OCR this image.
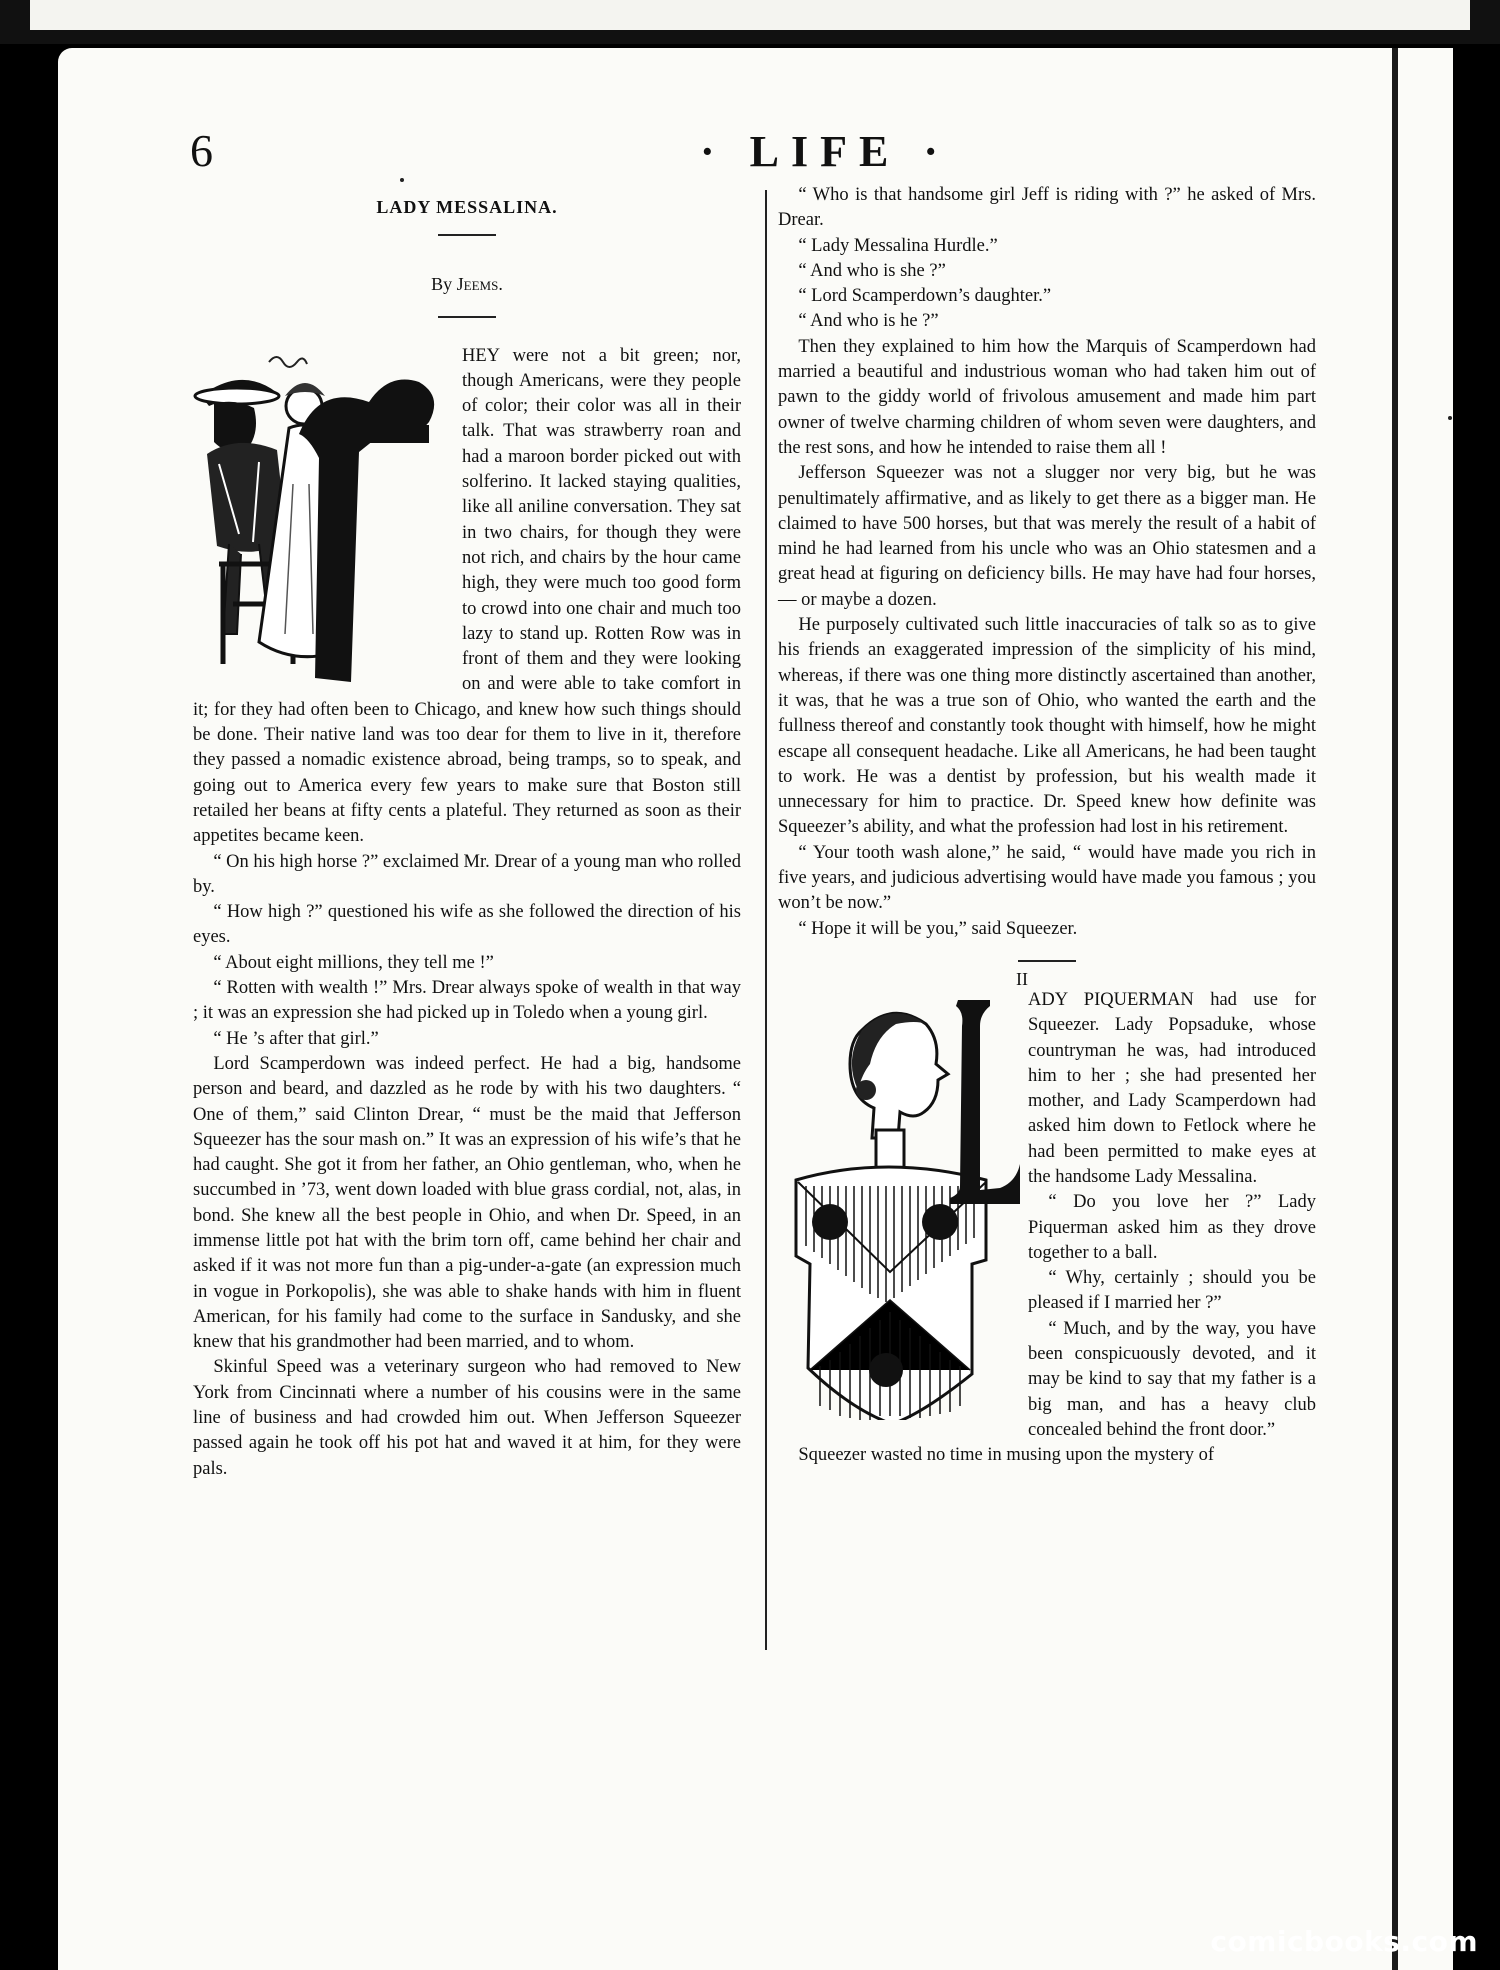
6	· LIFE ·

LADY MESSALINA.

By Jeems.

HEY were not a bit green; nor, though Americans, were they people of color; their color was all in their talk. That was strawberry roan and had a maroon border picked out with solferino. It lacked staying qualities, like all aniline conversation. They sat in two chairs, for though they were not rich, and chairs by the hour came high, they were much too good form to crowd into one chair and much too lazy to stand up. Rotten Row was in front of them and they were looking on and were able to take comfort in it; for they had often been to Chicago, and knew how such things should be done. Their native land was too dear for them to live in it, therefore they passed a nomadic existence abroad, being tramps, so to speak, and going out to America every few years to make sure that Boston still retailed her beans at fifty cents a plateful. They returned as soon as their appetites became keen.

“ On his high horse ?” exclaimed Mr. Drear of a young man who rolled by.

“ How high ?” questioned his wife as she followed the direction of his eyes.

“ About eight millions, they tell me !”

“ Rotten with wealth !” Mrs. Drear always spoke of wealth in that way ; it was an expression she had picked up in Toledo when a young girl.

“ He ’s after that girl.”

Lord Scamperdown was indeed perfect. He had a big, handsome person and beard, and dazzled as he rode by with his two daughters. “ One of them,” said Clinton Drear, “ must be the maid that Jefferson Squeezer has the sour mash on.” It was an expression of his wife’s that he had caught. She got it from her father, an Ohio gentleman, who, when he succumbed in ’73, went down loaded with blue grass cordial, not, alas, in bond. She knew all the best people in Ohio, and when Dr. Speed, in an immense little pot hat with the brim torn off, came behind her chair and asked if it was not more fun than a pig-under-a-gate (an expression much in vogue in Porkopolis), she was able to shake hands with him in fluent American, for his family had come to the surface in Sandusky, and she knew that his grandmother had been married, and to whom.

Skinful Speed was a veterinary surgeon who had removed to New York from Cincinnati where a number of his cousins were in the same line of business and had crowded him out. When Jefferson Squeezer passed again he took off his pot hat and waved it at him, for they were pals.

“ Who is that handsome girl Jeff is riding with ?” he asked of Mrs. Drear.

“ Lady Messalina Hurdle.”

“ And who is she ?”

“ Lord Scamperdown’s daughter.”

“ And who is he ?”

Then they explained to him how the Marquis of Scamperdown had married a beautiful and industrious woman who had taken him out of pawn to the giddy world of frivolous amusement and made him part owner of twelve charming children of whom seven were daughters, and the rest sons, and how he intended to raise them all !

Jefferson Squeezer was not a slugger nor very big, but he was penultimately affirmative, and as likely to get there as a bigger man. He claimed to have 500 horses, but that was merely the result of a habit of mind he had learned from his uncle who was an Ohio statesmen and a great head at figuring on deficiency bills. He may have had four horses,— or maybe a dozen.

He purposely cultivated such little inaccuracies of talk so as to give his friends an exaggerated impression of the simplicity of his mind, whereas, if there was one thing more distinctly ascertained than another, it was, that he was a true son of Ohio, who wanted the earth and the fullness thereof and constantly took thought with himself, how he might escape all consequent headache. Like all Americans, he had been taught to work. He was a dentist by profession, but his wealth made it unnecessary for him to practice. Dr. Speed knew how definite was Squeezer’s ability, and what the profession had lost in his retirement.

“ Your tooth wash alone,” he said, “ would have made you rich in five years, and judicious advertising would have made you famous ; you won’t be now.”

“ Hope it will be you,” said Squeezer.

II

ADY PIQUERMAN had use for Squeezer. Lady Popsaduke, whose countryman he was, had introduced him to her ; she had presented her mother, and Lady Scamperdown had asked him down to Fetlock where he had been permitted to make eyes at the handsome Lady Messalina.

“ Do you love her ?” Lady Piquerman asked him as they drove together to a ball.

“ Why, certainly ; should you be pleased if I married her ?”

“ Much, and by the way, you have been conspicuously devoted, and it may be kind to say that my father is a big man, and has a heavy club concealed behind the front door.”

Squeezer wasted no time in musing upon the mystery of

comicbooks.com
